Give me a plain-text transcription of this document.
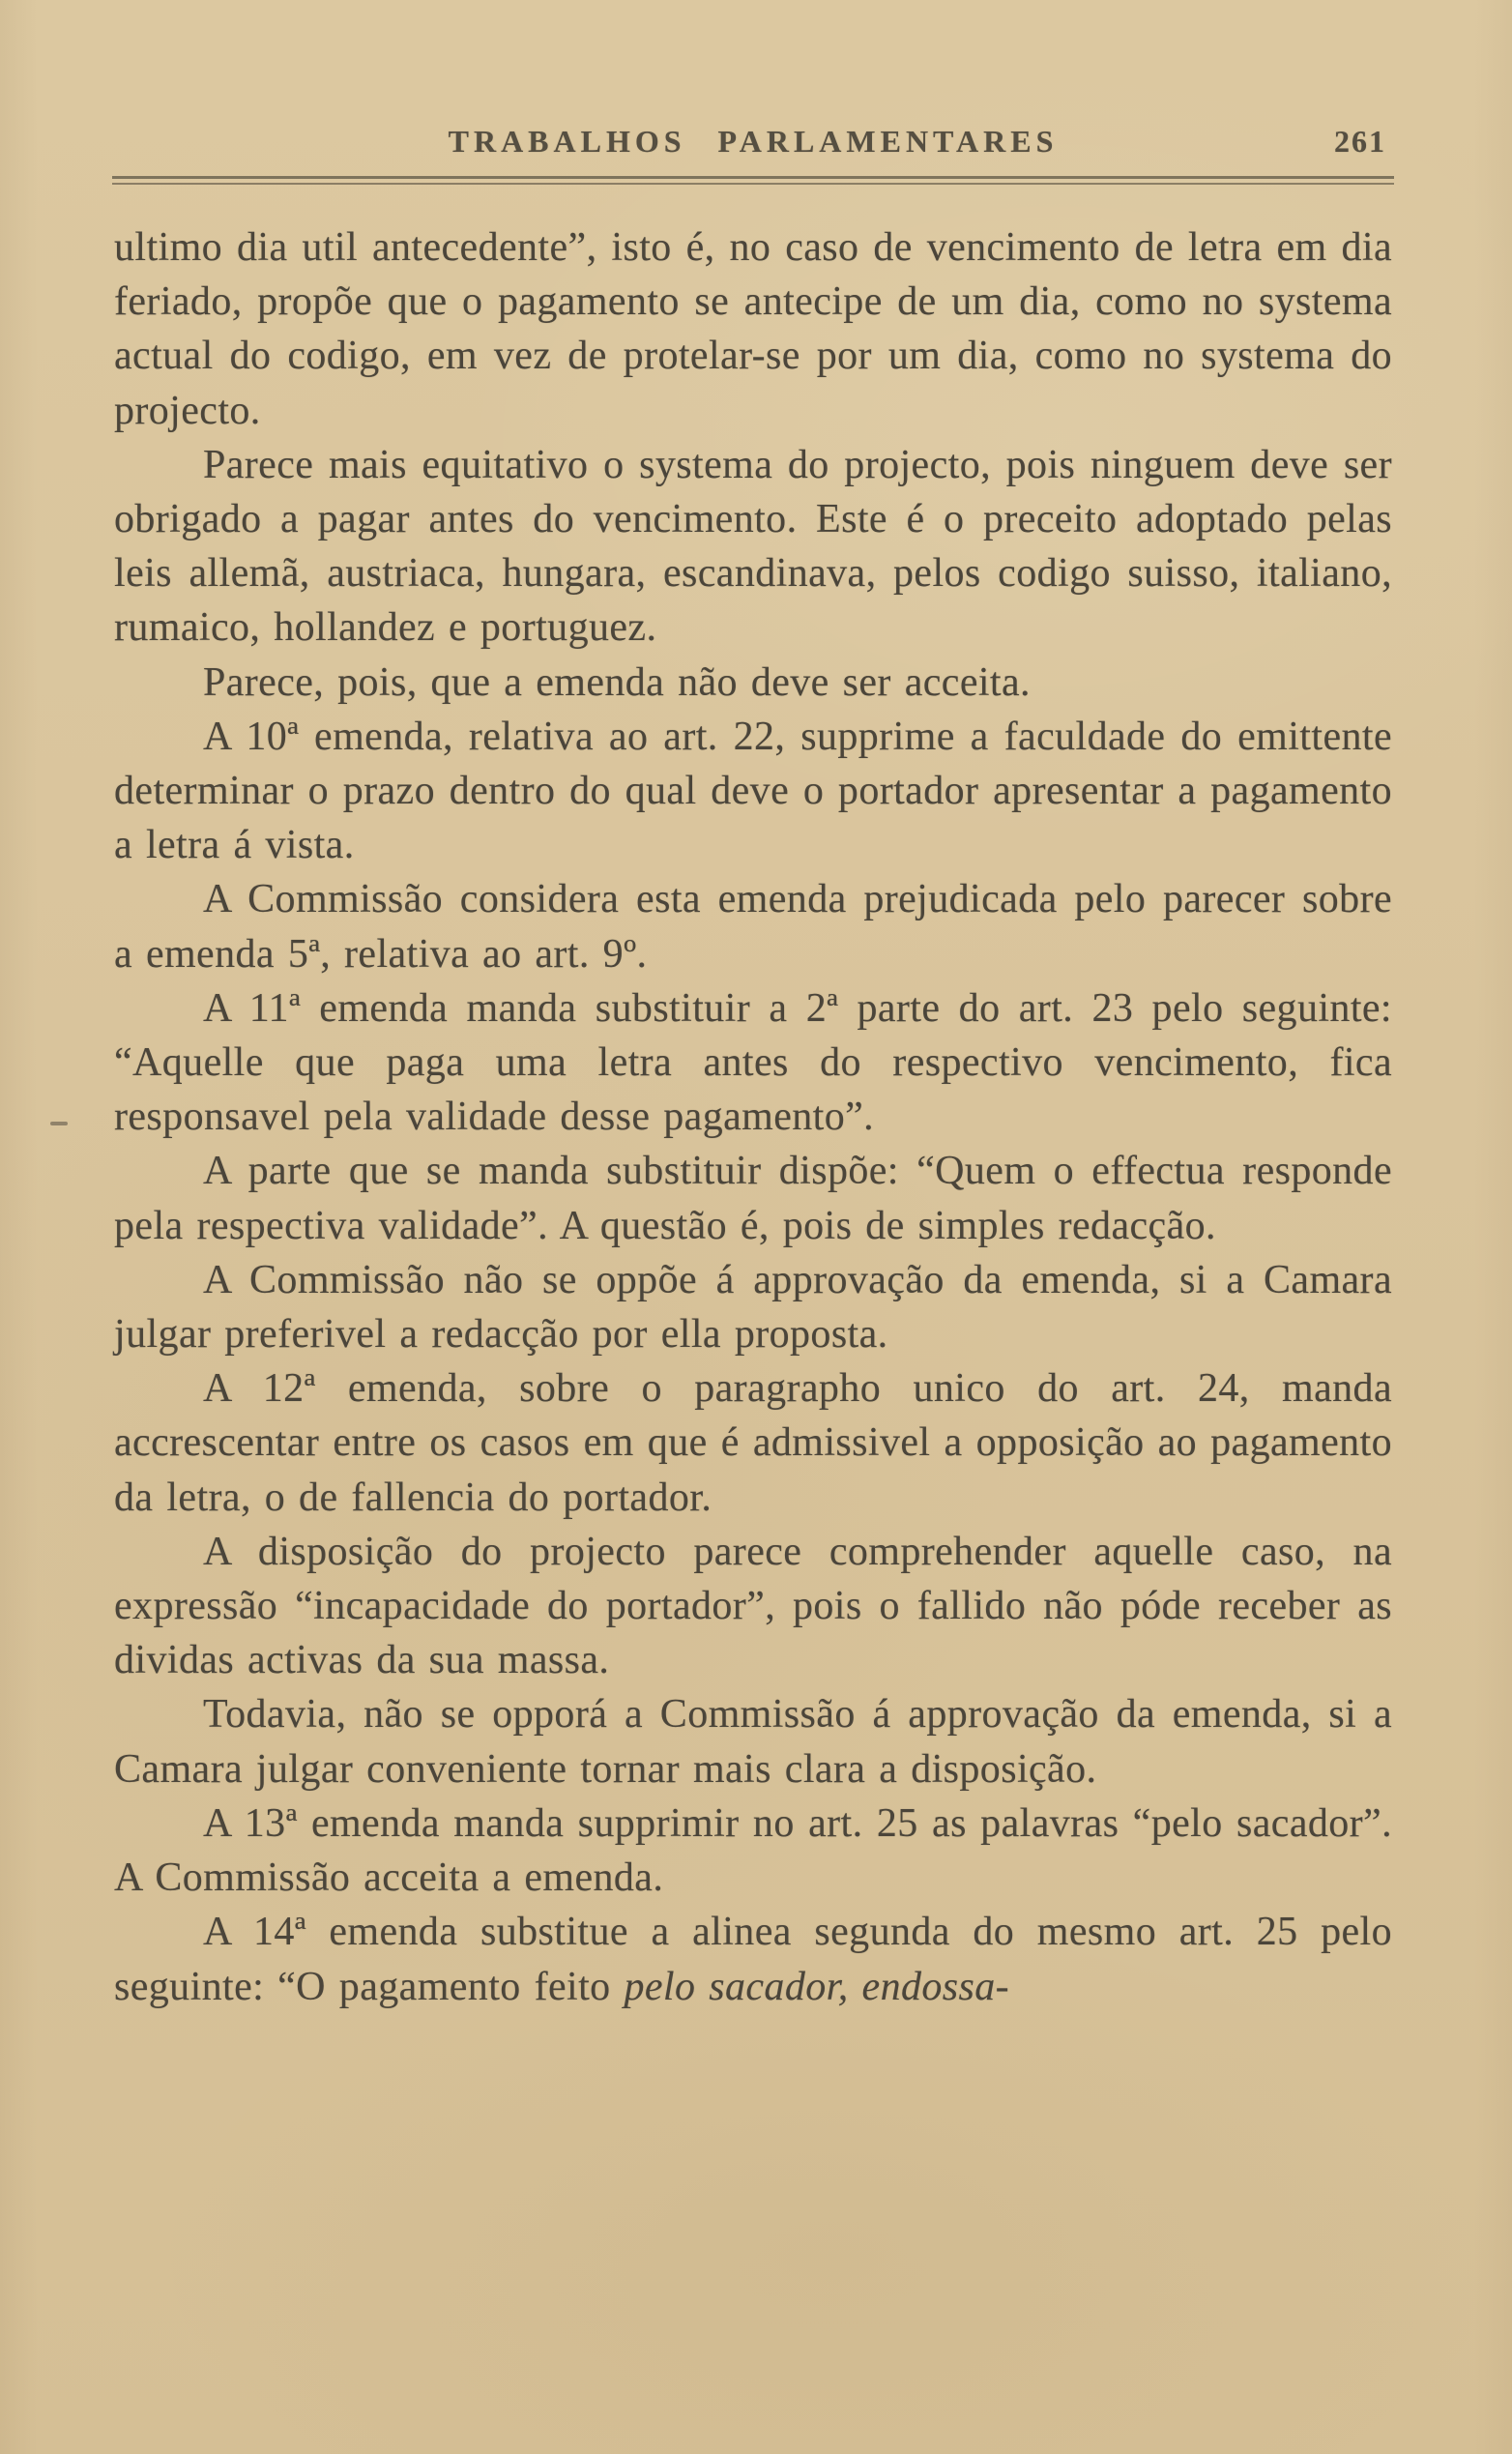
TRABALHOS PARLAMENTARES	261

ultimo dia util antecedente”, isto é, no caso de vencimento de letra em dia feriado, propõe que o pagamento se antecipe de um dia, como no systema actual do codigo, em vez de protelar-se por um dia, como no systema do projecto.

Parece mais equitativo o systema do projecto, pois ninguem deve ser obrigado a pagar antes do vencimento. Este é o preceito adoptado pelas leis allemã, austriaca, hungara, escandinava, pelos codigo suisso, italiano, rumaico, hollandez e portuguez.

Parece, pois, que a emenda não deve ser acceita.

A 10ª emenda, relativa ao art. 22, supprime a faculdade do emittente determinar o prazo dentro do qual deve o portador apresentar a pagamento a letra á vista.

A Commissão considera esta emenda prejudicada pelo parecer sobre a emenda 5ª, relativa ao art. 9º.

A 11ª emenda manda substituir a 2ª parte do art. 23 pelo seguinte: “Aquelle que paga uma letra antes do respectivo vencimento, fica responsavel pela validade desse pagamento”.

A parte que se manda substituir dispõe: “Quem o effectua responde pela respectiva validade”. A questão é, pois de simples redacção.

A Commissão não se oppõe á approvação da emenda, si a Camara julgar preferivel a redacção por ella proposta.

A 12ª emenda, sobre o paragrapho unico do art. 24, manda accrescentar entre os casos em que é admissivel a opposição ao pagamento da letra, o de fallencia do portador.

A disposição do projecto parece comprehender aquelle caso, na expressão “incapacidade do portador”, pois o fallido não póde receber as dividas activas da sua massa.

Todavia, não se opporá a Commissão á approvação da emenda, si a Camara julgar conveniente tornar mais clara a disposição.

A 13ª emenda manda supprimir no art. 25 as palavras “pelo sacador”. A Commissão acceita a emenda.

A 14ª emenda substitue a alinea segunda do mesmo art. 25 pelo seguinte: “O pagamento feito pelo sacador, endossa-
